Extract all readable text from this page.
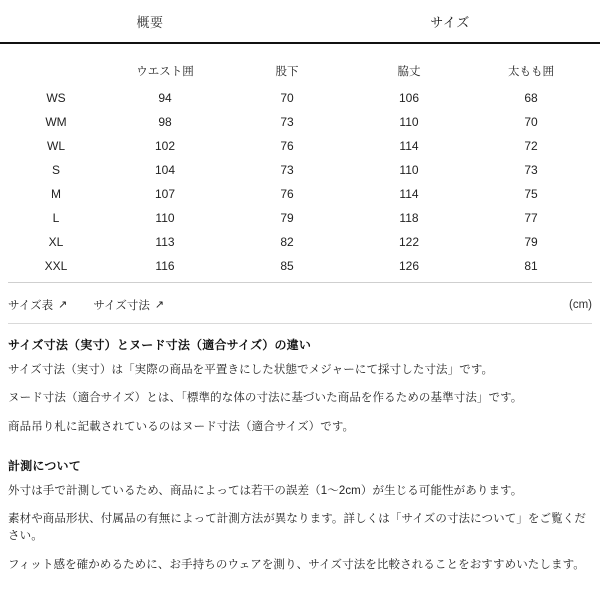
概要	サイズ
	ウエスト囲	股下	脇丈	太もも囲
WS	94	70	106	68
WM	98	73	110	70
WL	102	76	114	72
S	104	73	110	73
M	107	76	114	75
L	110	79	118	77
XL	113	82	122	79
XXL	116	85	126	81
サイズ表 ↗ サイズ寸法 ↗	(cm)
サイズ寸法（実寸）とヌード寸法（適合サイズ）の違い

サイズ寸法（実寸）は「実際の商品を平置きにした状態でメジャーにて採寸した寸法」です。

ヌード寸法（適合サイズ）とは、「標準的な体の寸法に基づいた商品を作るための基準寸法」です。

商品吊り札に記載されているのはヌード寸法（適合サイズ）です。

計測について

外寸は手で計測しているため、商品によっては若干の誤差（1〜2cm）が生じる可能性があります。

素材や商品形状、付属品の有無によって計測方法が異なります。詳しくは「サイズの寸法について」をご覧ください。

フィット感を確かめるために、お手持ちのウェアを測り、サイズ寸法を比較されることをおすすめいたします。
